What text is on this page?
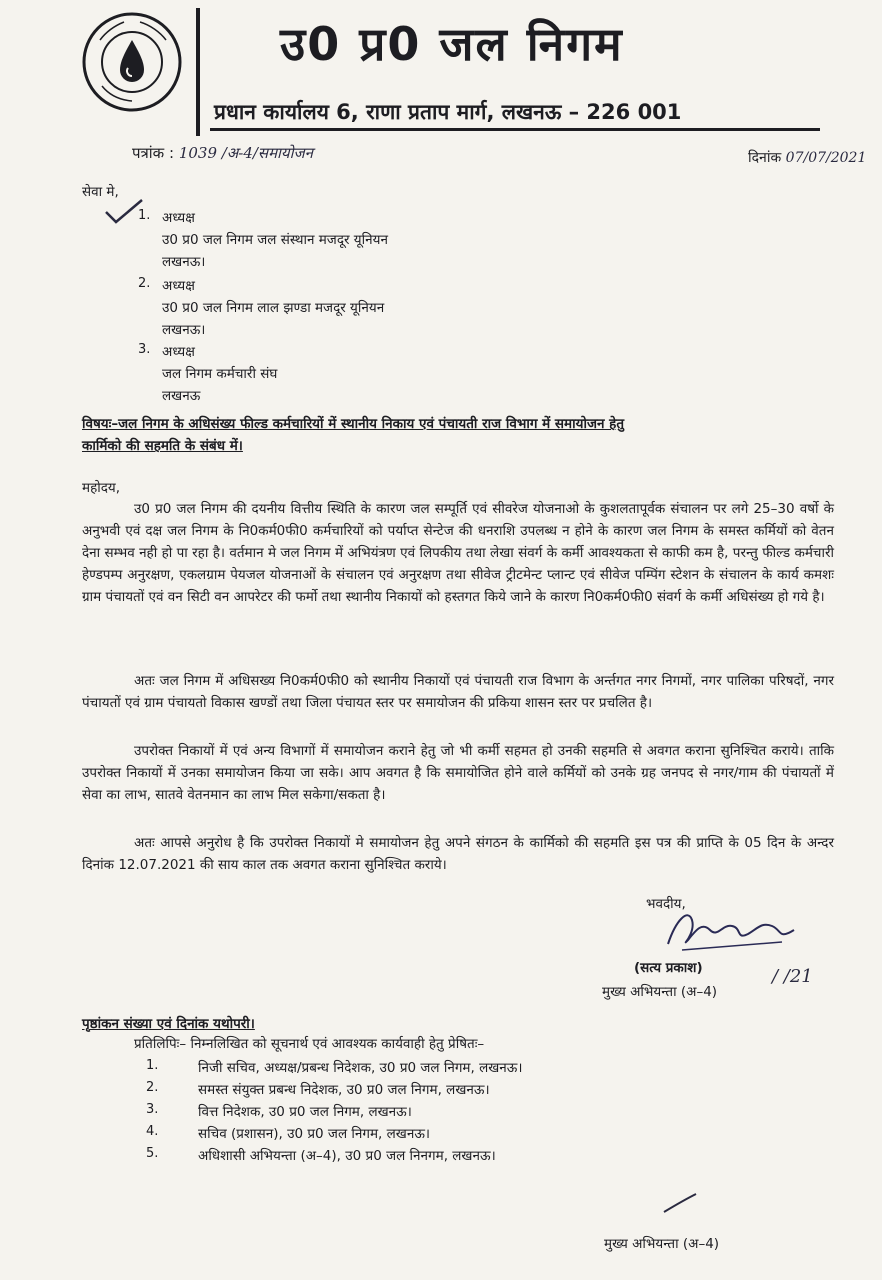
उ0 प्र0 जल निगम
प्रधान कार्यालय 6, राणा प्रताप मार्ग, लखनऊ – 226 001
पत्रांक : 1039 /अ-4/समायोजन	दिनांक 07/07/2021
सेवा मे,
1. अध्यक्ष
उ0 प्र0 जल निगम जल संस्थान मजदूर यूनियन
लखनऊ।
2. अध्यक्ष
उ0 प्र0 जल निगम लाल झण्डा मजदूर यूनियन
लखनऊ।
3. अध्यक्ष
जल निगम कर्मचारी संघ
लखनऊ
विषयः–जल निगम के अधिसंख्य फील्ड कर्मचारियों में स्थानीय निकाय एवं पंचायती राज विभाग में समायोजन हेतु
कार्मिको की सहमति के संबंध में।
महोदय,
उ0 प्र0 जल निगम की दयनीय वित्तीय स्थिति के कारण जल सम्पूर्ति एवं सीवरेज योजनाओ के कुशलतापूर्वक संचालन पर लगे 25–30 वर्षो के अनुभवी एवं दक्ष जल निगम के नि0कर्म0फी0 कर्मचारियों को पर्याप्त सेन्टेज की धनराशि उपलब्ध न होने के कारण जल निगम के समस्त कर्मियों को वेतन देना सम्भव नही हो पा रहा है। वर्तमान मे जल निगम में अभियंत्रण एवं लिपकीय तथा लेखा संवर्ग के कर्मी आवश्यकता से काफी कम है, परन्तु फील्ड कर्मचारी हेण्डपम्प अनुरक्षण, एकलग्राम पेयजल योजनाओं के संचालन एवं अनुरक्षण तथा सीवेज ट्रीटमेन्ट प्लान्ट एवं सीवेज पम्पिंग स्टेशन के संचालन के कार्य कमशः ग्राम पंचायतों एवं वन सिटी वन आपरेटर की फर्मो तथा स्थानीय निकायों को हस्तगत किये जाने के कारण नि0कर्म0फी0 संवर्ग के कर्मी अधिसंख्य हो गये है।
अतः जल निगम में अधिसख्य नि0कर्म0फी0 को स्थानीय निकायों एवं पंचायती राज विभाग के अर्न्तगत नगर निगमों, नगर पालिका परिषदों, नगर पंचायतों एवं ग्राम पंचायतो विकास खण्डों तथा जिला पंचायत स्तर पर समायोजन की प्रकिया शासन स्तर पर प्रचलित है।
उपरोक्त निकायों में एवं अन्य विभागों में समायोजन कराने हेतु जो भी कर्मी सहमत हो उनकी सहमति से अवगत कराना सुनिश्चित कराये। ताकि उपरोक्त निकायों में उनका समायोजन किया जा सके। आप अवगत है कि समायोजित होने वाले कर्मियों को उनके ग्रह जनपद से नगर/गाम की पंचायतों में सेवा का लाभ, सातवे वेतनमान का लाभ मिल सकेगा/सकता है।
अतः आपसे अनुरोध है कि उपरोक्त निकायों मे समायोजन हेतु अपने संगठन के कार्मिको की सहमति इस पत्र की प्राप्ति के 05 दिन के अन्दर दिनांक 12.07.2021 की साय काल तक अवगत कराना सुनिश्चित कराये।
भवदीय,
(सत्य प्रकाश)	/ /21
मुख्य अभियन्ता (अ–4)
पृष्ठांकन संख्या एवं दिनांक यथोपरी।
प्रतिलिपिः– निम्नलिखित को सूचनार्थ एवं आवश्यक कार्यवाही हेतु प्रेषितः–
1.	निजी सचिव, अध्यक्ष/प्रबन्ध निदेशक, उ0 प्र0 जल निगम, लखनऊ।
2.	समस्त संयुक्त प्रबन्ध निदेशक, उ0 प्र0 जल निगम, लखनऊ।
3.	वित्त निदेशक, उ0 प्र0 जल निगम, लखनऊ।
4.	सचिव (प्रशासन), उ0 प्र0 जल निगम, लखनऊ।
5.	अधिशासी अभियन्ता (अ–4), उ0 प्र0 जल निनगम, लखनऊ।
मुख्य अभियन्ता (अ–4)
